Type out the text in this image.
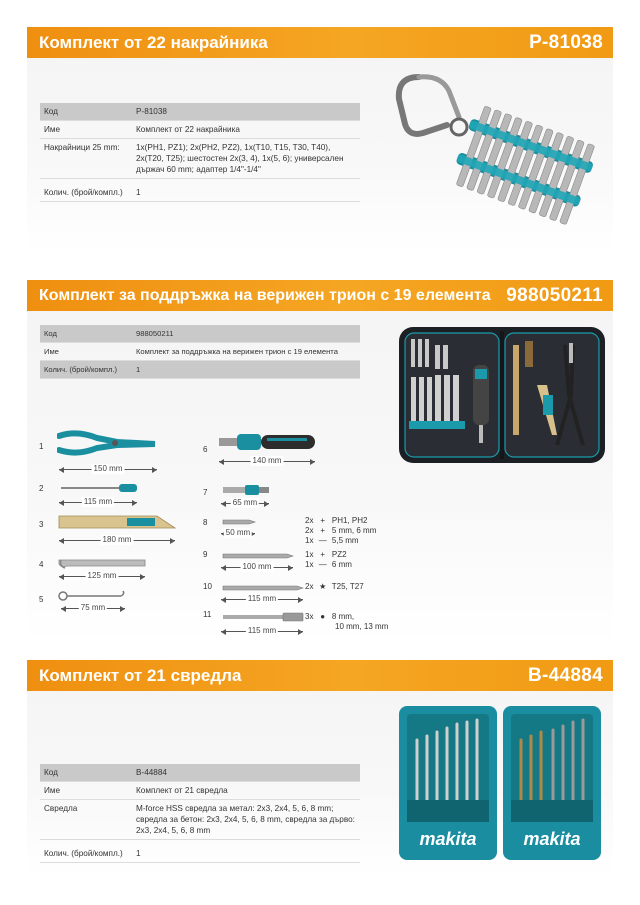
Комплект от 22 накрайника	P-81038
Код	P-81038
Име	Комплект от 22 накрайника
Накрайници 25 mm:	1x(PH1, PZ1); 2x(PH2, PZ2), 1x(T10, T15, T30, T40), 2x(T20, T25); шестостен 2x(3, 4), 1x(5, 6); универсален държач 60 mm; адаптер 1/4"-1/4"
Колич. (брой/компл.)	1
Комплект за поддръжка на верижен трион с 19 елемента 988050211
Код	988050211
Име	Комплект за поддръжка на верижен трион с 19 елемента
Колич. (брой/компл.)	1
1
150 mm
2
115 mm
3
180 mm
4
125 mm
5
75 mm
6
140 mm
7
65 mm
8
50 mm
2x + PH1, PH2
2x + 5 mm, 6 mm
1x — 5,5 mm
9
100 mm
1x + PZ2
1x — 6 mm
10
115 mm
2x ★ T25, T27
11
115 mm
3x ● 8 mm,
10 mm, 13 mm
Комплект от 21 свредла	B-44884
Код	B-44884
Име	Комплект от 21 свредла
Свредла	M-force HSS свредла за метал: 2x3, 2x4, 5, 6, 8 mm; свредла за бетон: 2x3, 2x4, 5, 6, 8 mm, свредла за дърво: 2x3, 2x4, 5, 6, 8 mm
Колич. (брой/компл.)	1
makita	makita
